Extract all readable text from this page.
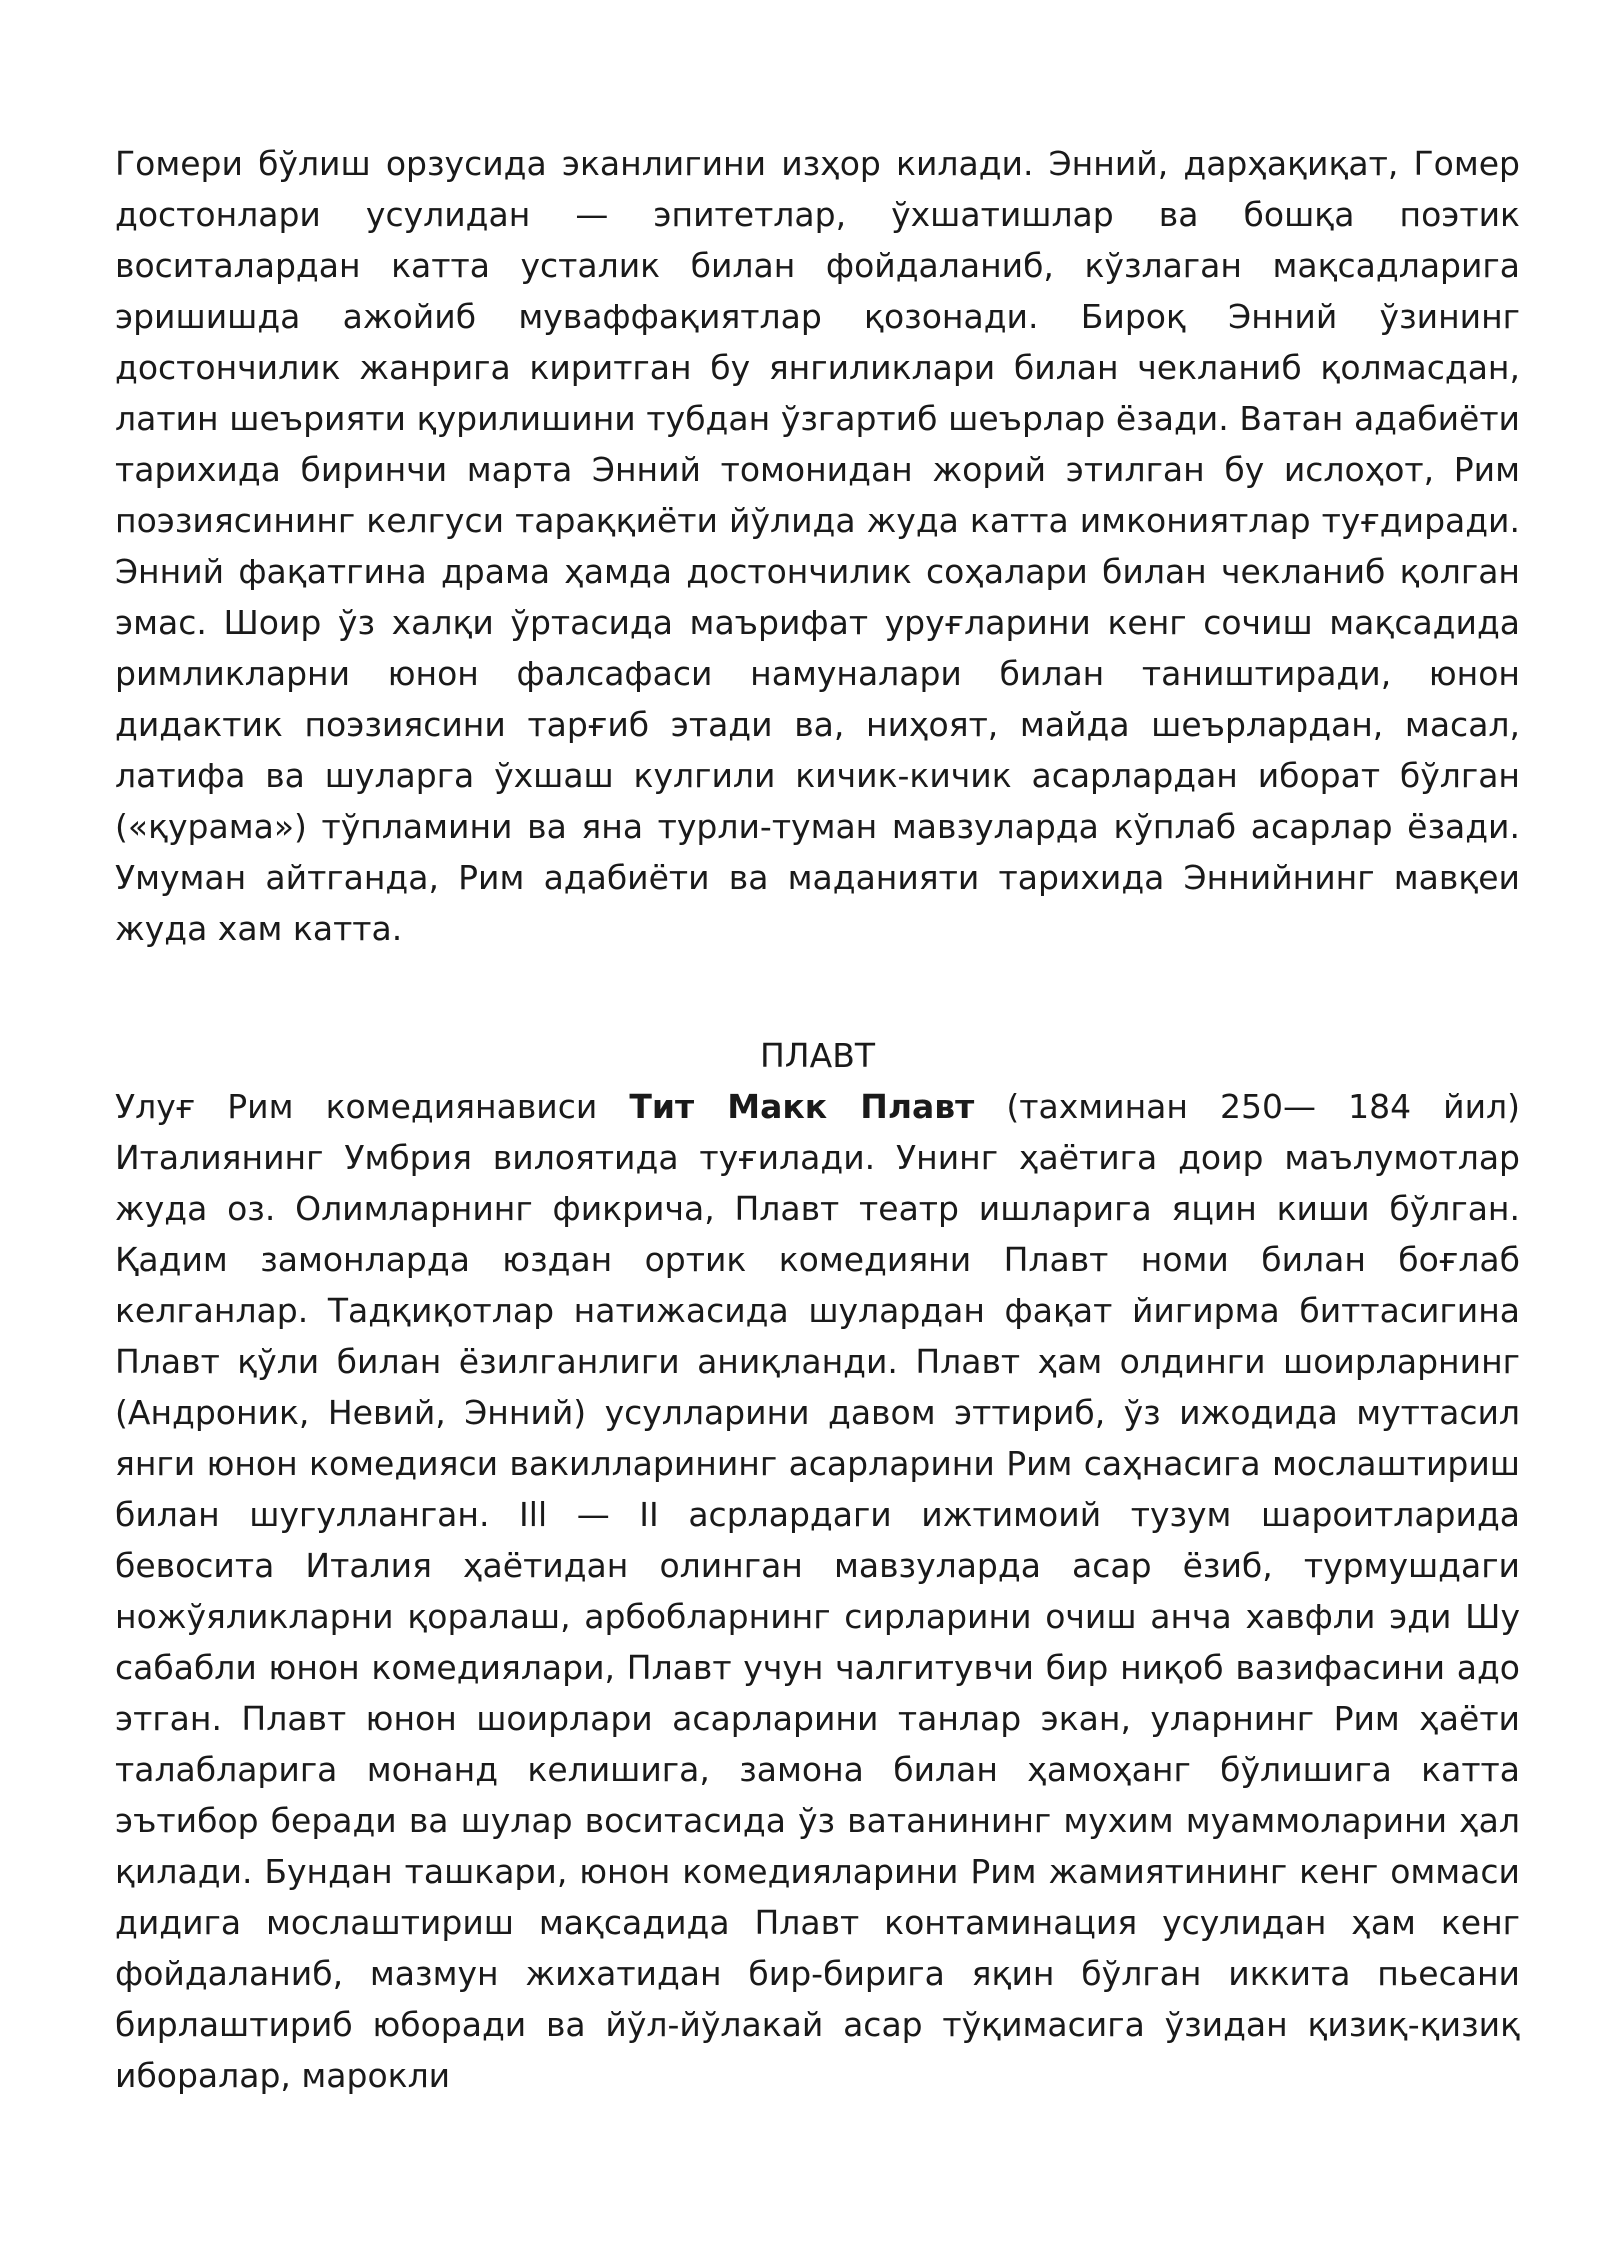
Гомери бўлиш орзусида эканлигини изҳор килади. Энний, дарҳақиқат, Гомер достонлари усулидан — эпитетлар, ўхшатишлар ва бошқа поэтик воситалардан катта усталик билан фойдаланиб, кўзлаган мақсадларига эришишда ажойиб муваффақиятлар қозонади. Бироқ Энний ўзининг достончилик жанрига киритган бу янгиликлари билан чекланиб қолмасдан, латин шеърияти қурилишини тубдан ўзгартиб шеърлар ёзади. Ватан адабиёти тарихида биринчи марта Энний томонидан жорий этилган бу ислоҳот, Рим поэзиясининг келгуси тараққиёти йўлида жуда катта имкониятлар туғдиради. Энний фақатгина драма ҳамда достончилик соҳалари билан чекланиб қолган эмас. Шоир ўз халқи ўртасида маърифат уруғларини кенг сочиш мақсадида римликларни юнон фалсафаси намуналари билан таништиради, юнон дидактик поэзиясини тарғиб этади ва, ниҳоят, майда шеърлардан, масал, латифа ва шуларга ўхшаш кулгили кичик-кичик асарлардан иборат бўлган («қурама») тўпламини ва яна турли-туман мавзуларда кўплаб асарлар ёзади. Умуман айтганда, Рим адабиёти ва маданияти тарихида Эннийнинг мавқеи жуда хам катта.

ПЛАВТ

Улуғ Рим комедиянависи Тит Макк Плавт (тахминан 250— 184 йил) Италиянинг Умбрия вилоятида туғилади. Унинг ҳаётига доир маълумотлар жуда оз. Олимларнинг фикрича, Плавт театр ишларига яцин киши бўлган. Қадим замонларда юздан ортик комедияни Плавт номи билан боғлаб келганлар. Тадқиқотлар натижасида шулардан фақат йигирма биттасигина Плавт қўли билан ёзилганлиги аниқланди. Плавт ҳам олдинги шоирларнинг (Андроник, Невий, Энний) усулларини давом эттириб, ўз ижодида муттасил янги юнон комедияси вакилларининг асарларини Рим саҳнасига мослаштириш билан шугулланган. Ill — II асрлардаги ижтимоий тузум шароитларида бевосита Италия ҳаётидан олинган мавзуларда асар ёзиб, турмушдаги ножўяликларни қоралаш, арбобларнинг сирларини очиш анча хавфли эди Шу сабабли юнон комедиялари, Плавт учун чалгитувчи бир ниқоб вазифасини адо этган. Плавт юнон шоирлари асарларини танлар экан, уларнинг Рим ҳаёти талабларига монанд келишига, замона билан ҳамоҳанг бўлишига катта эътибор беради ва шулар воситасида ўз ватанининг мухим муаммоларини ҳал қилади. Бундан ташкари, юнон комедияларини Рим жамиятининг кенг оммаси дидига мослаштириш мақсадида Плавт контаминация усулидан ҳам кенг фойдаланиб, мазмун жихатидан бир-бирига яқин бўлган иккита пьесани бирлаштириб юборади ва йўл-йўлакай асар тўқимасига ўзидан қизиқ-қизиқ иборалар, марокли
